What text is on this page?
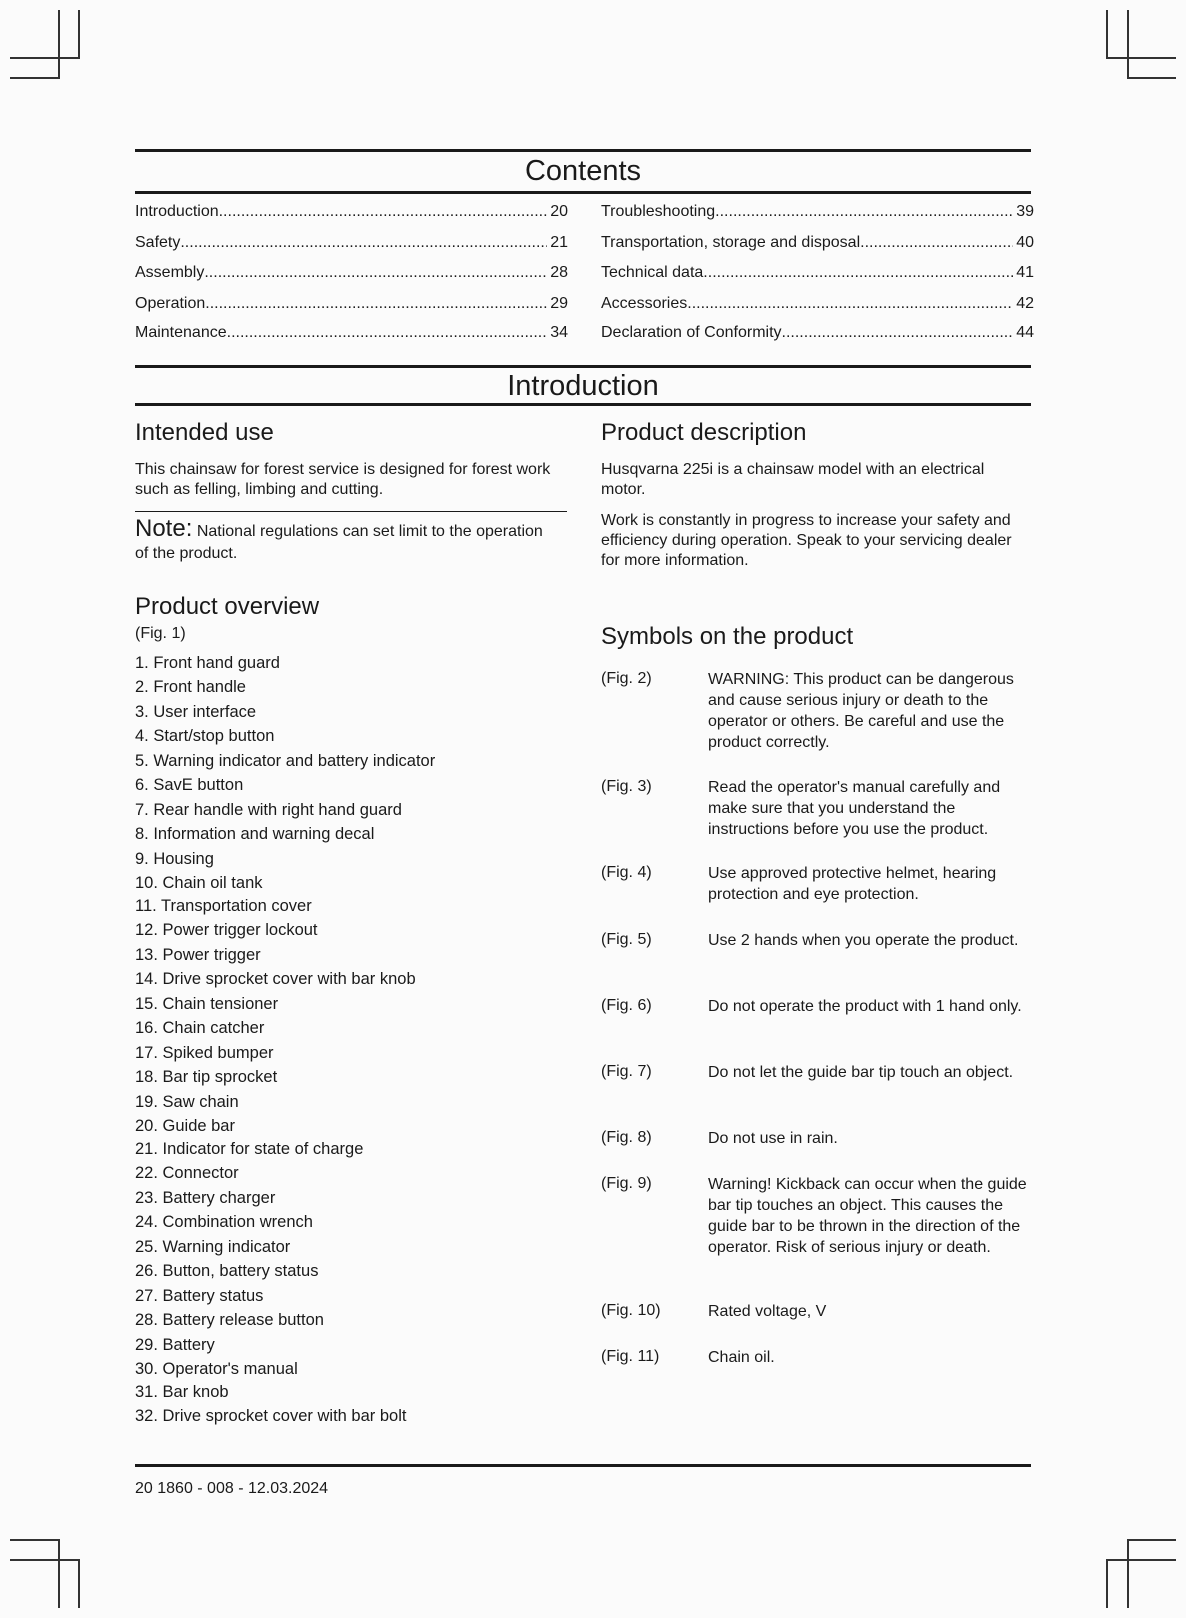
Contents
Introduction .....	20
Safety .....	21
Assembly .....	28
Operation .....	29
Maintenance .....	34
Troubleshooting .....	39
Transportation, storage and disposal .....	40
Technical data .....	41
Accessories .....	42
Declaration of Conformity .....	44
Introduction
Intended use
This chainsaw for forest service is designed for forest work such as felling, limbing and cutting.
Note: National regulations can set limit to the operation of the product.
Product overview
(Fig. 1)
1. Front hand guard
2. Front handle
3. User interface
4. Start/stop button
5. Warning indicator and battery indicator
6. SavE button
7. Rear handle with right hand guard
8. Information and warning decal
9. Housing
10. Chain oil tank
11. Transportation cover
12. Power trigger lockout
13. Power trigger
14. Drive sprocket cover with bar knob
15. Chain tensioner
16. Chain catcher
17. Spiked bumper
18. Bar tip sprocket
19. Saw chain
20. Guide bar
21. Indicator for state of charge
22. Connector
23. Battery charger
24. Combination wrench
25. Warning indicator
26. Button, battery status
27. Battery status
28. Battery release button
29. Battery
30. Operator's manual
31. Bar knob
32. Drive sprocket cover with bar bolt
Product description
Husqvarna 225i is a chainsaw model with an electrical motor.
Work is constantly in progress to increase your safety and efficiency during operation. Speak to your servicing dealer for more information.
Symbols on the product
(Fig. 2)	WARNING: This product can be dangerous and cause serious injury or death to the operator or others. Be careful and use the product correctly.
(Fig. 3)	Read the operator's manual carefully and make sure that you understand the instructions before you use the product.
(Fig. 4)	Use approved protective helmet, hearing protection and eye protection.
(Fig. 5)	Use 2 hands when you operate the product.
(Fig. 6)	Do not operate the product with 1 hand only.
(Fig. 7)	Do not let the guide bar tip touch an object.
(Fig. 8)	Do not use in rain.
(Fig. 9)	Warning! Kickback can occur when the guide bar tip touches an object. This causes the guide bar to be thrown in the direction of the operator. Risk of serious injury or death.
(Fig. 10)	Rated voltage, V
(Fig. 11)	Chain oil.
20 1860 - 008 - 12.03.2024
